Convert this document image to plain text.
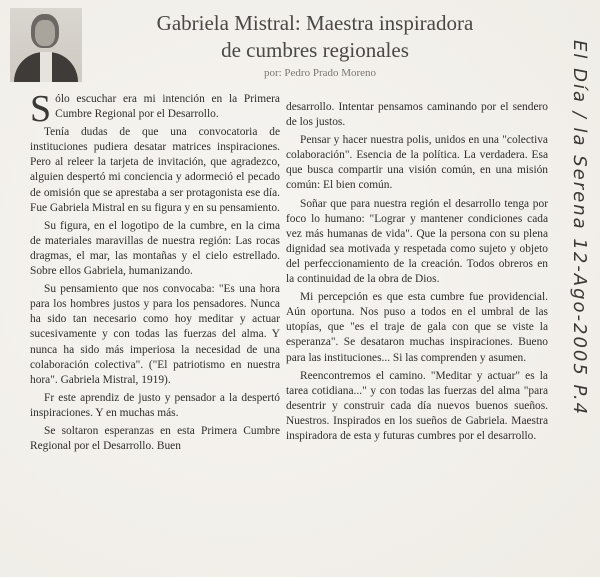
Gabriela Mistral: Maestra inspiradora de cumbres regionales
por: Pedro Prado Moreno

Sólo escuchar era mi intención en la Primera Cumbre Regional por el Desarrollo.

Tenía dudas de que una convocatoria de instituciones pudiera desatar matrices inspiraciones. Pero al releer la tarjeta de invitación, que agradezco, alguien despertó mi conciencia y adormeció el pecado de omisión que se aprestaba a ser protagonista ese día. Fue Gabriela Mistral en su figura y en su pensamiento.

Su figura, en el logotipo de la cumbre, en la cima de materiales maravillas de nuestra región: Las rocas dragmas, el mar, las montañas y el cielo estrellado. Sobre ellos Gabriela, humanizando.

Su pensamiento que nos convocaba: "Es una hora para los hombres justos y para los pensadores. Nunca ha sido tan necesario como hoy meditar y actuar sucesivamente y con todas las fuerzas del alma. Y nunca ha sido más imperiosa la necesidad de una colaboración colectiva". ("El patriotismo en nuestra hora". Gabriela Mistral, 1919).

Fr este aprendiz de justo y pensador a la despertó inspiraciones. Y en muchas más.

Se soltaron esperanzas en esta Primera Cumbre Regional por el Desarrollo. Buen

desarrollo. Intentar pensamos caminando por el sendero de los justos.

Pensar y hacer nuestra polis, unidos en una "colectiva colaboración". Esencia de la política. La verdadera. Esa que busca compartir una visión común, en una misión común: El bien común.

Soñar que para nuestra región el desarrollo tenga por foco lo humano: "Lograr y mantener condiciones cada vez más humanas de vida". Que la persona con su plena dignidad sea motivada y respetada como sujeto y objeto del perfeccionamiento de la creación. Todos obreros en la continuidad de la obra de Dios.

Mi percepción es que esta cumbre fue providencial. Aún oportuna. Nos puso a todos en el umbral de las utopías, que "es el traje de gala con que se viste la esperanza". Se desataron muchas inspiraciones. Bueno para las instituciones... Si las comprenden y asumen.

Reencontremos el camino. "Meditar y actuar" es la tarea cotidiana..." y con todas las fuerzas del alma "para desentrir y construir cada día nuevos buenos sueños. Nuestros. Inspirados en los sueños de Gabriela. Maestra inspiradora de esta y futuras cumbres por el desarrollo.

El Día / la Serena 12-Ago-2005 P.4
